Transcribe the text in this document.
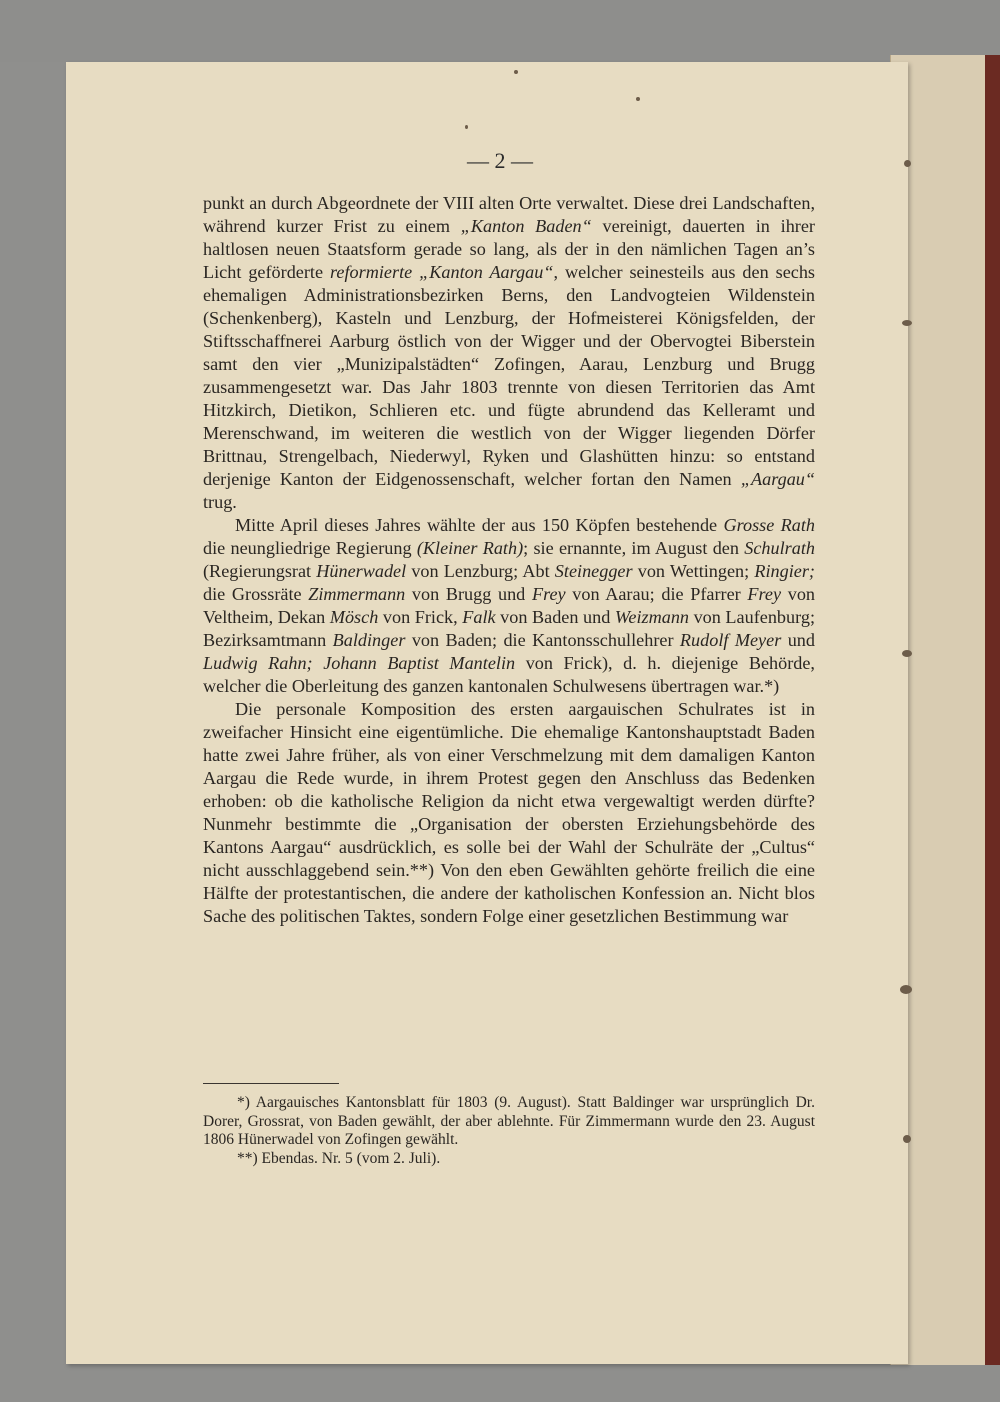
— 2 —

punkt an durch Abgeordnete der VIII alten Orte verwaltet. Diese drei Landschaften, während kurzer Frist zu einem „Kanton Baden“ vereinigt, dauerten in ihrer haltlosen neuen Staatsform gerade so lang, als der in den nämlichen Tagen an’s Licht geförderte reformierte „Kanton Aargau“, welcher seinesteils aus den sechs ehemaligen Administrationsbezirken Berns, den Landvogteien Wildenstein (Schenkenberg), Kasteln und Lenzburg, der Hofmeisterei Königsfelden, der Stiftsschaffnerei Aarburg östlich von der Wigger und der Obervogtei Biberstein samt den vier „Munizipalstädten“ Zofingen, Aarau, Lenzburg und Brugg zusammengesetzt war. Das Jahr 1803 trennte von diesen Territorien das Amt Hitzkirch, Dietikon, Schlieren etc. und fügte abrundend das Kelleramt und Merenschwand, im weiteren die westlich von der Wigger liegenden Dörfer Brittnau, Strengelbach, Niederwyl, Ryken und Glashütten hinzu: so entstand derjenige Kanton der Eidgenossenschaft, welcher fortan den Namen „Aargau“ trug.

Mitte April dieses Jahres wählte der aus 150 Köpfen bestehende Grosse Rath die neungliedrige Regierung (Kleiner Rath); sie ernannte, im August den Schulrath (Regierungsrat Hünerwadel von Lenzburg; Abt Steinegger von Wettingen; Ringier; die Grossräte Zimmermann von Brugg und Frey von Aarau; die Pfarrer Frey von Veltheim, Dekan Mösch von Frick, Falk von Baden und Weizmann von Laufenburg; Bezirksamtmann Baldinger von Baden; die Kantonsschullehrer Rudolf Meyer und Ludwig Rahn; Johann Baptist Mantelin von Frick), d. h. diejenige Behörde, welcher die Oberleitung des ganzen kantonalen Schulwesens übertragen war.*)

Die personale Komposition des ersten aargauischen Schulrates ist in zweifacher Hinsicht eine eigentümliche. Die ehemalige Kantonshauptstadt Baden hatte zwei Jahre früher, als von einer Verschmelzung mit dem damaligen Kanton Aargau die Rede wurde, in ihrem Protest gegen den Anschluss das Bedenken erhoben: ob die katholische Religion da nicht etwa vergewaltigt werden dürfte? Nunmehr bestimmte die „Organisation der obersten Erziehungsbehörde des Kantons Aargau“ ausdrücklich, es solle bei der Wahl der Schulräte der „Cultus“ nicht ausschlaggebend sein.**) Von den eben Gewählten gehörte freilich die eine Hälfte der protestantischen, die andere der katholischen Konfession an. Nicht blos Sache des politischen Taktes, sondern Folge einer gesetzlichen Bestimmung war

*) Aargauisches Kantonsblatt für 1803 (9. August). Statt Baldinger war ursprünglich Dr. Dorer, Grossrat, von Baden gewählt, der aber ablehnte. Für Zimmermann wurde den 23. August 1806 Hünerwadel von Zofingen gewählt.

**) Ebendas. Nr. 5 (vom 2. Juli).
